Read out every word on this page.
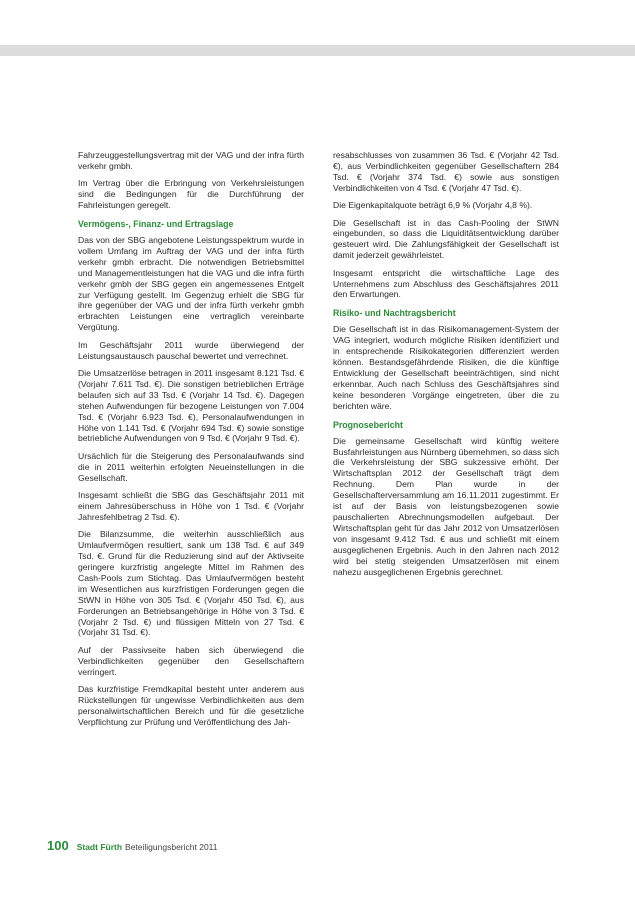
Fahrzeuggestellungsvertrag mit der VAG und der infra fürth verkehr gmbh.

Im Vertrag über die Erbringung von Verkehrsleistungen sind die Bedingungen für die Durchführung der Fahrleistungen geregelt.

Vermögens-, Finanz- und Ertragslage

Das von der SBG angebotene Leistungsspektrum wurde in vollem Umfang im Auftrag der VAG und der infra fürth verkehr gmbh erbracht. Die notwendigen Betriebsmittel und Managementleistungen hat die VAG und die infra fürth verkehr gmbh der SBG gegen ein angemessenes Entgelt zur Verfügung gestellt. Im Gegenzug erhielt die SBG für ihre gegenüber der VAG und der infra fürth verkehr gmbh erbrachten Leistungen eine vertraglich vereinbarte Vergütung.

Im Geschäftsjahr 2011 wurde überwiegend der Leistungsaustausch pauschal bewertet und verrechnet.

Die Umsatzerlöse betragen in 2011 insgesamt 8.121 Tsd. € (Vorjahr 7.611 Tsd. €). Die sonstigen betrieblichen Erträge belaufen sich auf 33 Tsd. € (Vorjahr 14 Tsd. €). Dagegen stehen Aufwendungen für bezogene Leistungen von 7.004 Tsd. € (Vorjahr 6.923 Tsd. €), Personalaufwendungen in Höhe von 1.141 Tsd. € (Vorjahr 694 Tsd. €) sowie sonstige betriebliche Aufwendungen von 9 Tsd. € (Vorjahr 9 Tsd. €).

Ursächlich für die Steigerung des Personalaufwands sind die in 2011 weiterhin erfolgten Neueinstellungen in die Gesellschaft.

Insgesamt schließt die SBG das Geschäftsjahr 2011 mit einem Jahresüberschuss in Höhe von 1 Tsd. € (Vorjahr Jahresfehlbetrag 2 Tsd. €).

Die Bilanzsumme, die weiterhin ausschließlich aus Umlaufvermögen resultiert, sank um 138 Tsd. € auf 349 Tsd. €. Grund für die Reduzierung sind auf der Aktivseite geringere kurzfristig angelegte Mittel im Rahmen des Cash-Pools zum Stichtag. Das Umlaufvermögen besteht im Wesentlichen aus kurzfristigen Forderungen gegen die StWN in Höhe von 305 Tsd. € (Vorjahr 450 Tsd. €), aus Forderungen an Betriebsangehörige in Höhe von 3 Tsd. € (Vorjahr 2 Tsd. €) und flüssigen Mitteln von 27 Tsd. € (Vorjahr 31 Tsd. €).

Auf der Passivseite haben sich überwiegend die Verbindlichkeiten gegenüber den Gesellschaftern verringert.

Das kurzfristige Fremdkapital besteht unter anderem aus Rückstellungen für ungewisse Verbindlichkeiten aus dem personalwirtschaftlichen Bereich und für die gesetzliche Verpflichtung zur Prüfung und Veröffentlichung des Jah-

resabschlusses von zusammen 36 Tsd. € (Vorjahr 42 Tsd. €), aus Verbindlichkeiten gegenüber Gesellschaftern 284 Tsd. € (Vorjahr 374 Tsd. €) sowie aus sonstigen Verbindlichkeiten von 4 Tsd. € (Vorjahr 47 Tsd. €).

Die Eigenkapitalquote beträgt 6,9 % (Vorjahr 4,8 %).

Die Gesellschaft ist in das Cash-Pooling der StWN eingebunden, so dass die Liquiditätsentwicklung darüber gesteuert wird. Die Zahlungsfähigkeit der Gesellschaft ist damit jederzeit gewährleistet.

Insgesamt entspricht die wirtschaftliche Lage des Unternehmens zum Abschluss des Geschäftsjahres 2011 den Erwartungen.

Risiko- und Nachtragsbericht

Die Gesellschaft ist in das Risikomanagement-System der VAG integriert, wodurch mögliche Risiken identifiziert und in entsprechende Risikokategorien differenziert werden können. Bestandsgefährdende Risiken, die die künftige Entwicklung der Gesellschaft beeinträchtigen, sind nicht erkennbar. Auch nach Schluss des Geschäftsjahres sind keine besonderen Vorgänge eingetreten, über die zu berichten wäre.

Prognosebericht

Die gemeinsame Gesellschaft wird künftig weitere Busfahrleistungen aus Nürnberg übernehmen, so dass sich die Verkehrsleistung der SBG sukzessive erhöht. Der Wirtschaftsplan 2012 der Gesellschaft trägt dem Rechnung. Dem Plan wurde in der Gesellschafterversammlung am 16.11.2011 zugestimmt. Er ist auf der Basis von leistungsbezogenen sowie pauschalierten Abrechnungsmodellen aufgebaut. Der Wirtschaftsplan geht für das Jahr 2012 von Umsatzerlösen von insgesamt 9.412 Tsd. € aus und schließt mit einem ausgeglichenen Ergebnis. Auch in den Jahren nach 2012 wird bei stetig steigenden Umsatzerlösen mit einem nahezu ausgeglichenen Ergebnis gerechnet.

100 Stadt Fürth Beteiligungsbericht 2011
